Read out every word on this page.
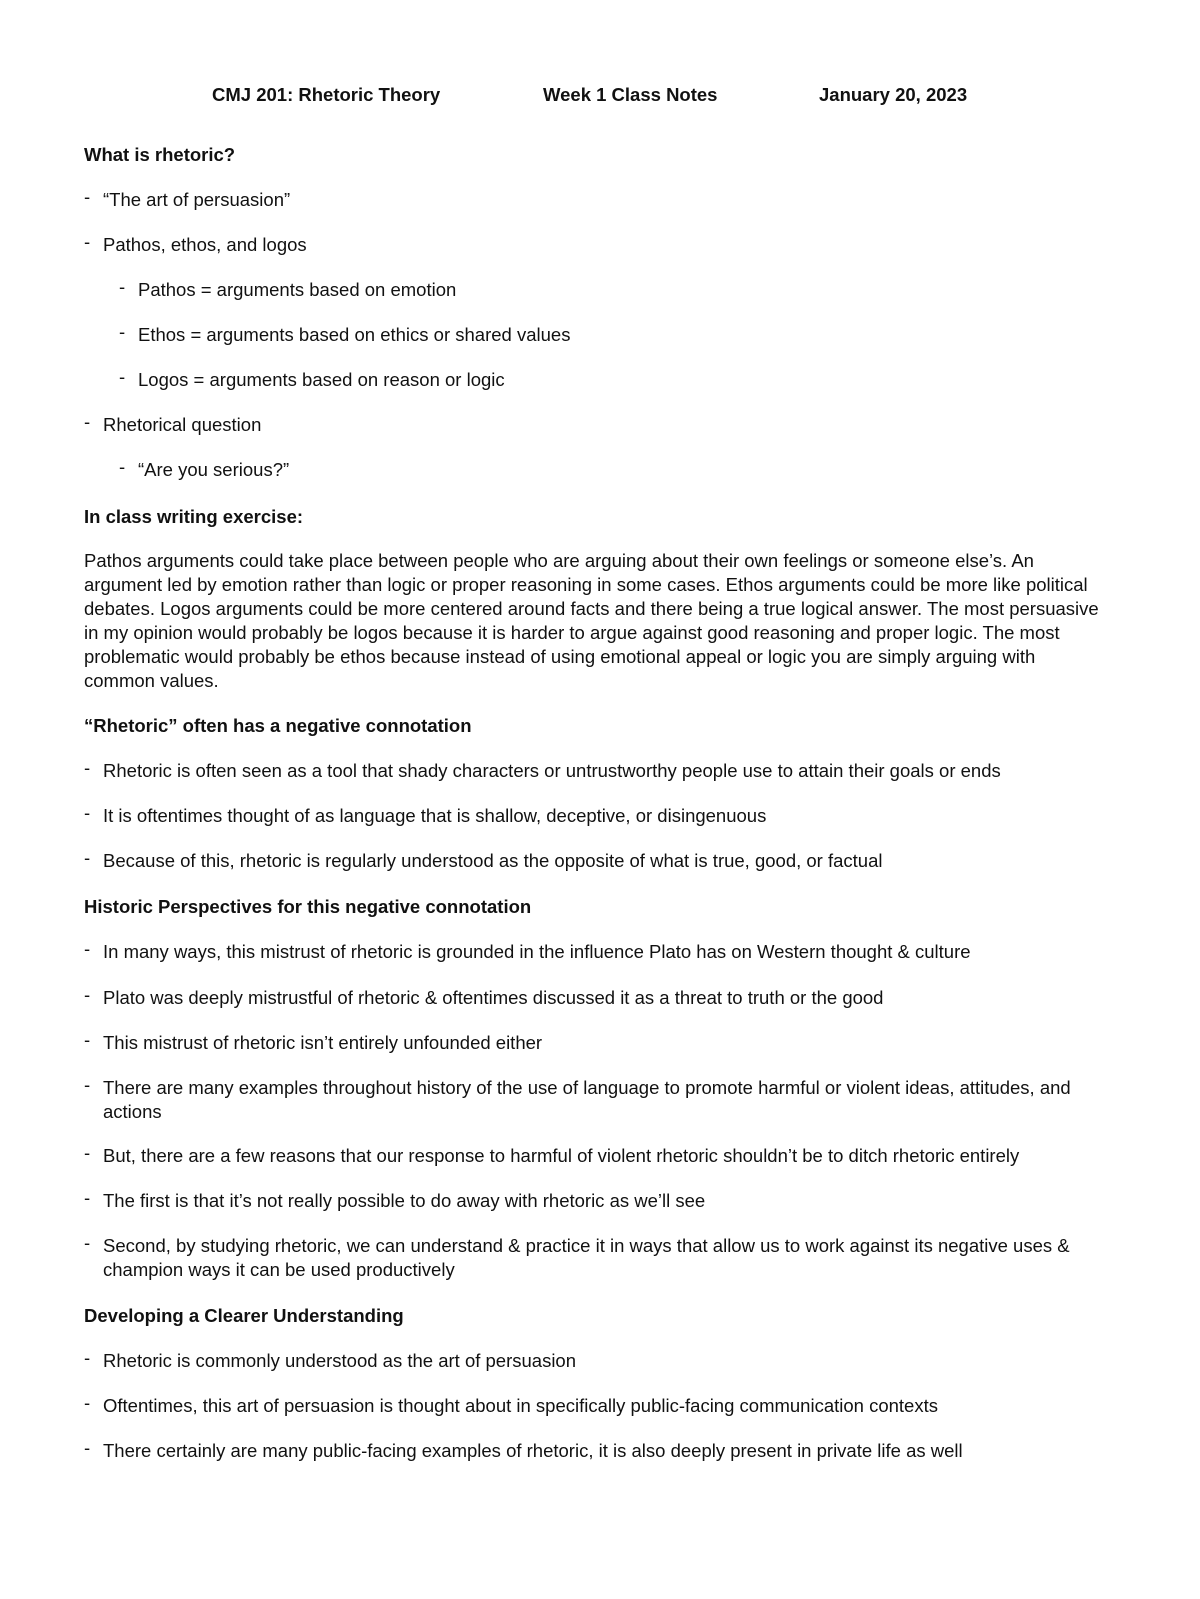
CMJ 201: Rhetoric Theory	Week 1 Class Notes	January 20, 2023
What is rhetoric?
- “The art of persuasion”
- Pathos, ethos, and logos
- Pathos = arguments based on emotion
- Ethos = arguments based on ethics or shared values
- Logos = arguments based on reason or logic
- Rhetorical question
- “Are you serious?”
In class writing exercise:
Pathos arguments could take place between people who are arguing about their own feelings or someone else’s. An argument led by emotion rather than logic or proper reasoning in some cases. Ethos arguments could be more like political debates. Logos arguments could be more centered around facts and there being a true logical answer. The most persuasive in my opinion would probably be logos because it is harder to argue against good reasoning and proper logic. The most problematic would probably be ethos because instead of using emotional appeal or logic you are simply arguing with common values.
“Rhetoric” often has a negative connotation
- Rhetoric is often seen as a tool that shady characters or untrustworthy people use to attain their goals or ends
- It is oftentimes thought of as language that is shallow, deceptive, or disingenuous
- Because of this, rhetoric is regularly understood as the opposite of what is true, good, or factual
Historic Perspectives for this negative connotation
- In many ways, this mistrust of rhetoric is grounded in the influence Plato has on Western thought & culture
- Plato was deeply mistrustful of rhetoric & oftentimes discussed it as a threat to truth or the good
- This mistrust of rhetoric isn’t entirely unfounded either
- There are many examples throughout history of the use of language to promote harmful or violent ideas, attitudes, and actions
- But, there are a few reasons that our response to harmful of violent rhetoric shouldn’t be to ditch rhetoric entirely
- The first is that it’s not really possible to do away with rhetoric as we’ll see
- Second, by studying rhetoric, we can understand & practice it in ways that allow us to work against its negative uses & champion ways it can be used productively
Developing a Clearer Understanding
- Rhetoric is commonly understood as the art of persuasion
- Oftentimes, this art of persuasion is thought about in specifically public-facing communication contexts
- There certainly are many public-facing examples of rhetoric, it is also deeply present in private life as well
